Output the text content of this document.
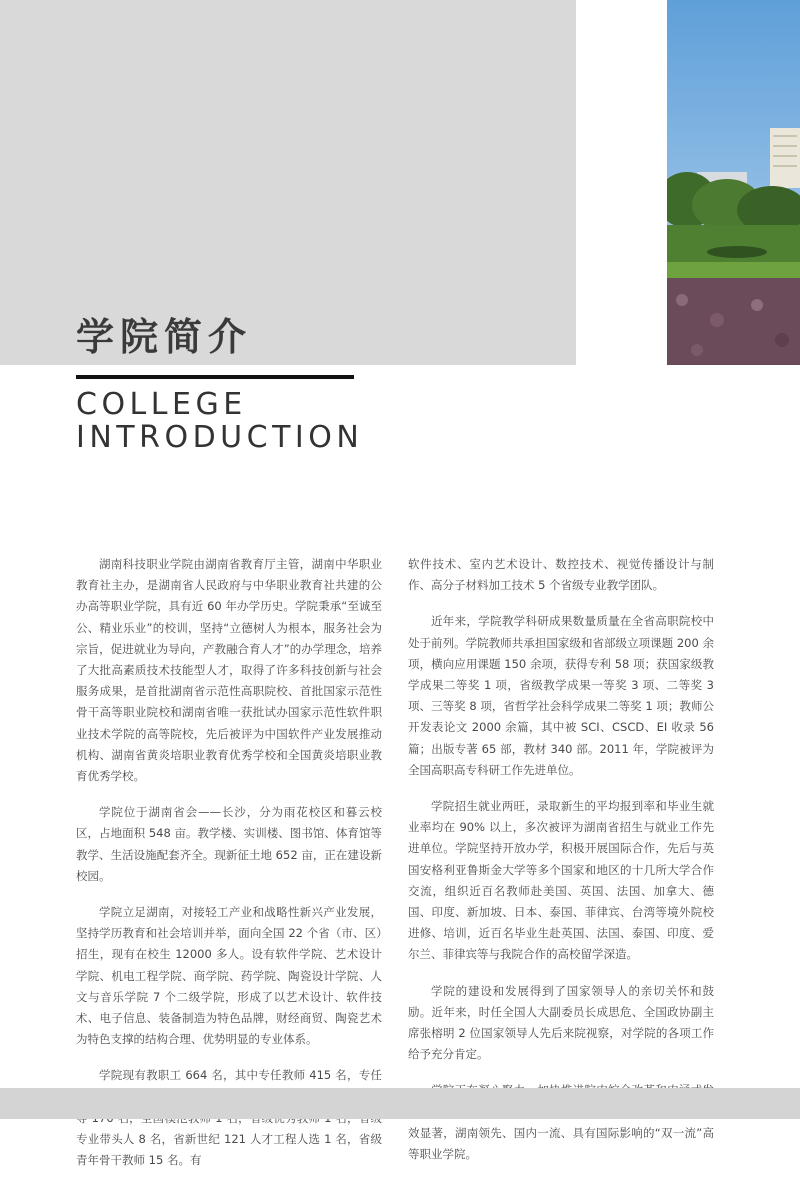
学院简介
COLLEGE
INTRODUCTION

湖南科技职业学院由湖南省教育厅主管，湖南中华职业教育社主办，是湖南省人民政府与中华职业教育社共建的公办高等职业学院，具有近 60 年办学历史。学院秉承“至诚至公、精业乐业”的校训，坚持“立德树人为根本，服务社会为宗旨，促进就业为导向，产教融合育人才”的办学理念，培养了大批高素质技术技能型人才，取得了许多科技创新与社会服务成果，是首批湖南省示范性高职院校、首批国家示范性骨干高等职业院校和湖南省唯一获批试办国家示范性软件职业技术学院的高等院校，先后被评为中国软件产业发展推动机构、湖南省黄炎培职业教育优秀学校和全国黄炎培职业教育优秀学校。

学院位于湖南省会——长沙，分为雨花校区和暮云校区，占地面积 548 亩。教学楼、实训楼、图书馆、体育馆等教学、生活设施配套齐全。现新征土地 652 亩，正在建设新校园。

学院立足湖南，对接轻工产业和战略性新兴产业发展，坚持学历教育和社会培训并举，面向全国 22 个省（市、区）招生，现有在校生 12000 多人。设有软件学院、艺术设计学院、机电工程学院、商学院、药学院、陶瓷设计学院、人文与音乐学院 7 个二级学院，形成了以艺术设计、软件技术、电子信息、装备制造为特色品牌，财经商贸、陶瓷艺术为特色支撑的结构合理、优势明显的专业体系。

学院现有教职工 664 名，其中专任教师 415 名，专任 专业带头人 8 名，省新世纪 121 人才工程人选 1 名，省级青年骨干教师 15 名。有

软件技术、室内艺术设计、数控技术、视觉传播设计与制作、高分子材料加工技术 5 个省级专业教学团队。

近年来，学院教学科研成果数量质量在全省高职院校中处于前列。学院教师共承担国家级和省部级立项课题 200 余项，横向应用课题 150 余项，获得专利 58 项；获国家级教学成果二等奖 1 项，省级教学成果一等奖 3 项、二等奖 3 项、三等奖 8 项，省哲学社会科学成果二等奖 1 项；教师公开发表论文 2000 余篇，其中被 SCI、CSCD、EI 收录 56 篇；出版专著 65 部，教材 340 部。2011 年，学院被评为全国高职高专科研工作先进单位。

学院招生就业两旺，录取新生的平均报到率和毕业生就业率均在 90% 以上，多次被评为湖南省招生与就业工作先进单位。学院坚持开放办学，积极开展国际合作，先后与英国安格利亚鲁斯金大学等多个国家和地区的十几所大学合作交流，组织近百名教师赴美国、英国、法国、加拿大、德国、印度、新加坡、日本、泰国、菲律宾、台湾等境外院校进修、培训，近百名毕业生赴英国、法国、泰国、印度、爱尔兰、菲律宾等与我院合作的高校留学深造。

学院的建设和发展得到了国家领导人的亲切关怀和鼓励。近年来，时任全国人大副委员长成思危、全国政协副主席张榕明 2 位国家领导人先后来院视察，对学院的各项工作给予充分肯定。

效显著，湖南领先、国内一流、具有国际影响的“双一流”高等职业学院。
